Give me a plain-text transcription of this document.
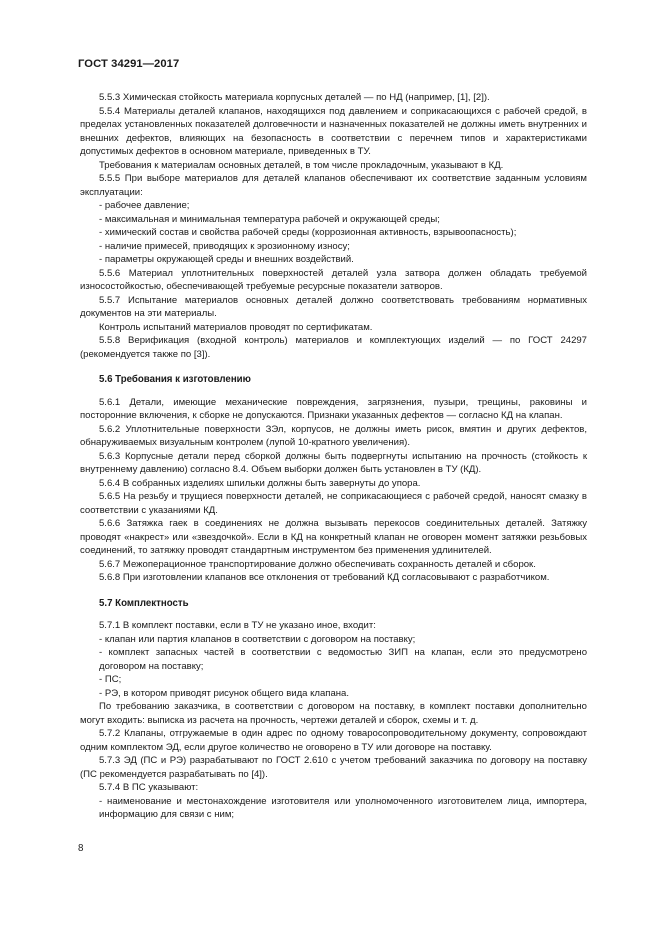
ГОСТ 34291—2017

5.5.3 Химическая стойкость материала корпусных деталей — по НД (например, [1], [2]).

5.5.4 Материалы деталей клапанов, находящихся под давлением и соприкасающихся с рабочей средой, в пределах установленных показателей долговечности и назначенных показателей не должны иметь внутренних и внешних дефектов, влияющих на безопасность в соответствии с перечнем типов и характеристиками допустимых дефектов в основном материале, приведенных в ТУ.

Требования к материалам основных деталей, в том числе прокладочным, указывают в КД.

5.5.5 При выборе материалов для деталей клапанов обеспечивают их соответствие заданным условиям эксплуатации:

- рабочее давление;

- максимальная и минимальная температура рабочей и окружающей среды;

- химический состав и свойства рабочей среды (коррозионная активность, взрывоопасность);

- наличие примесей, приводящих к эрозионному износу;

- параметры окружающей среды и внешних воздействий.

5.5.6 Материал уплотнительных поверхностей деталей узла затвора должен обладать требуемой износостойкостью, обеспечивающей требуемые ресурсные показатели затворов.

5.5.7 Испытание материалов основных деталей должно соответствовать требованиям нормативных документов на эти материалы.

Контроль испытаний материалов проводят по сертификатам.

5.5.8 Верификация (входной контроль) материалов и комплектующих изделий — по ГОСТ 24297 (рекомендуется также по [3]).

5.6 Требования к изготовлению

5.6.1 Детали, имеющие механические повреждения, загрязнения, пузыри, трещины, раковины и посторонние включения, к сборке не допускаются. Признаки указанных дефектов — согласно КД на клапан.

5.6.2 Уплотнительные поверхности ЗЭл, корпусов, не должны иметь рисок, вмятин и других дефектов, обнаруживаемых визуальным контролем (лупой 10-кратного увеличения).

5.6.3 Корпусные детали перед сборкой должны быть подвергнуты испытанию на прочность (стойкость к внутреннему давлению) согласно 8.4. Объем выборки должен быть установлен в ТУ (КД).

5.6.4 В собранных изделиях шпильки должны быть завернуты до упора.

5.6.5 На резьбу и трущиеся поверхности деталей, не соприкасающиеся с рабочей средой, наносят смазку в соответствии с указаниями КД.

5.6.6 Затяжка гаек в соединениях не должна вызывать перекосов соединительных деталей. Затяжку проводят «накрест» или «звездочкой». Если в КД на конкретный клапан не оговорен момент затяжки резьбовых соединений, то затяжку проводят стандартным инструментом без применения удлинителей.

5.6.7 Межоперационное транспортирование должно обеспечивать сохранность деталей и сборок.

5.6.8 При изготовлении клапанов все отклонения от требований КД согласовывают с разработчиком.

5.7 Комплектность

5.7.1 В комплект поставки, если в ТУ не указано иное, входит:

- клапан или партия клапанов в соответствии с договором на поставку;

- комплект запасных частей в соответствии с ведомостью ЗИП на клапан, если это предусмотрено договором на поставку;

- ПС;

- РЭ, в котором приводят рисунок общего вида клапана.

По требованию заказчика, в соответствии с договором на поставку, в комплект поставки дополнительно могут входить: выписка из расчета на прочность, чертежи деталей и сборок, схемы и т. д.

5.7.2 Клапаны, отгружаемые в один адрес по одному товаросопроводительному документу, сопровождают одним комплектом ЭД, если другое количество не оговорено в ТУ или договоре на поставку.

5.7.3 ЭД (ПС и РЭ) разрабатывают по ГОСТ 2.610 с учетом требований заказчика по договору на поставку (ПС рекомендуется разрабатывать по [4]).

5.7.4 В ПС указывают:

- наименование и местонахождение изготовителя или уполномоченного изготовителем лица, импортера, информацию для связи с ним;

8
